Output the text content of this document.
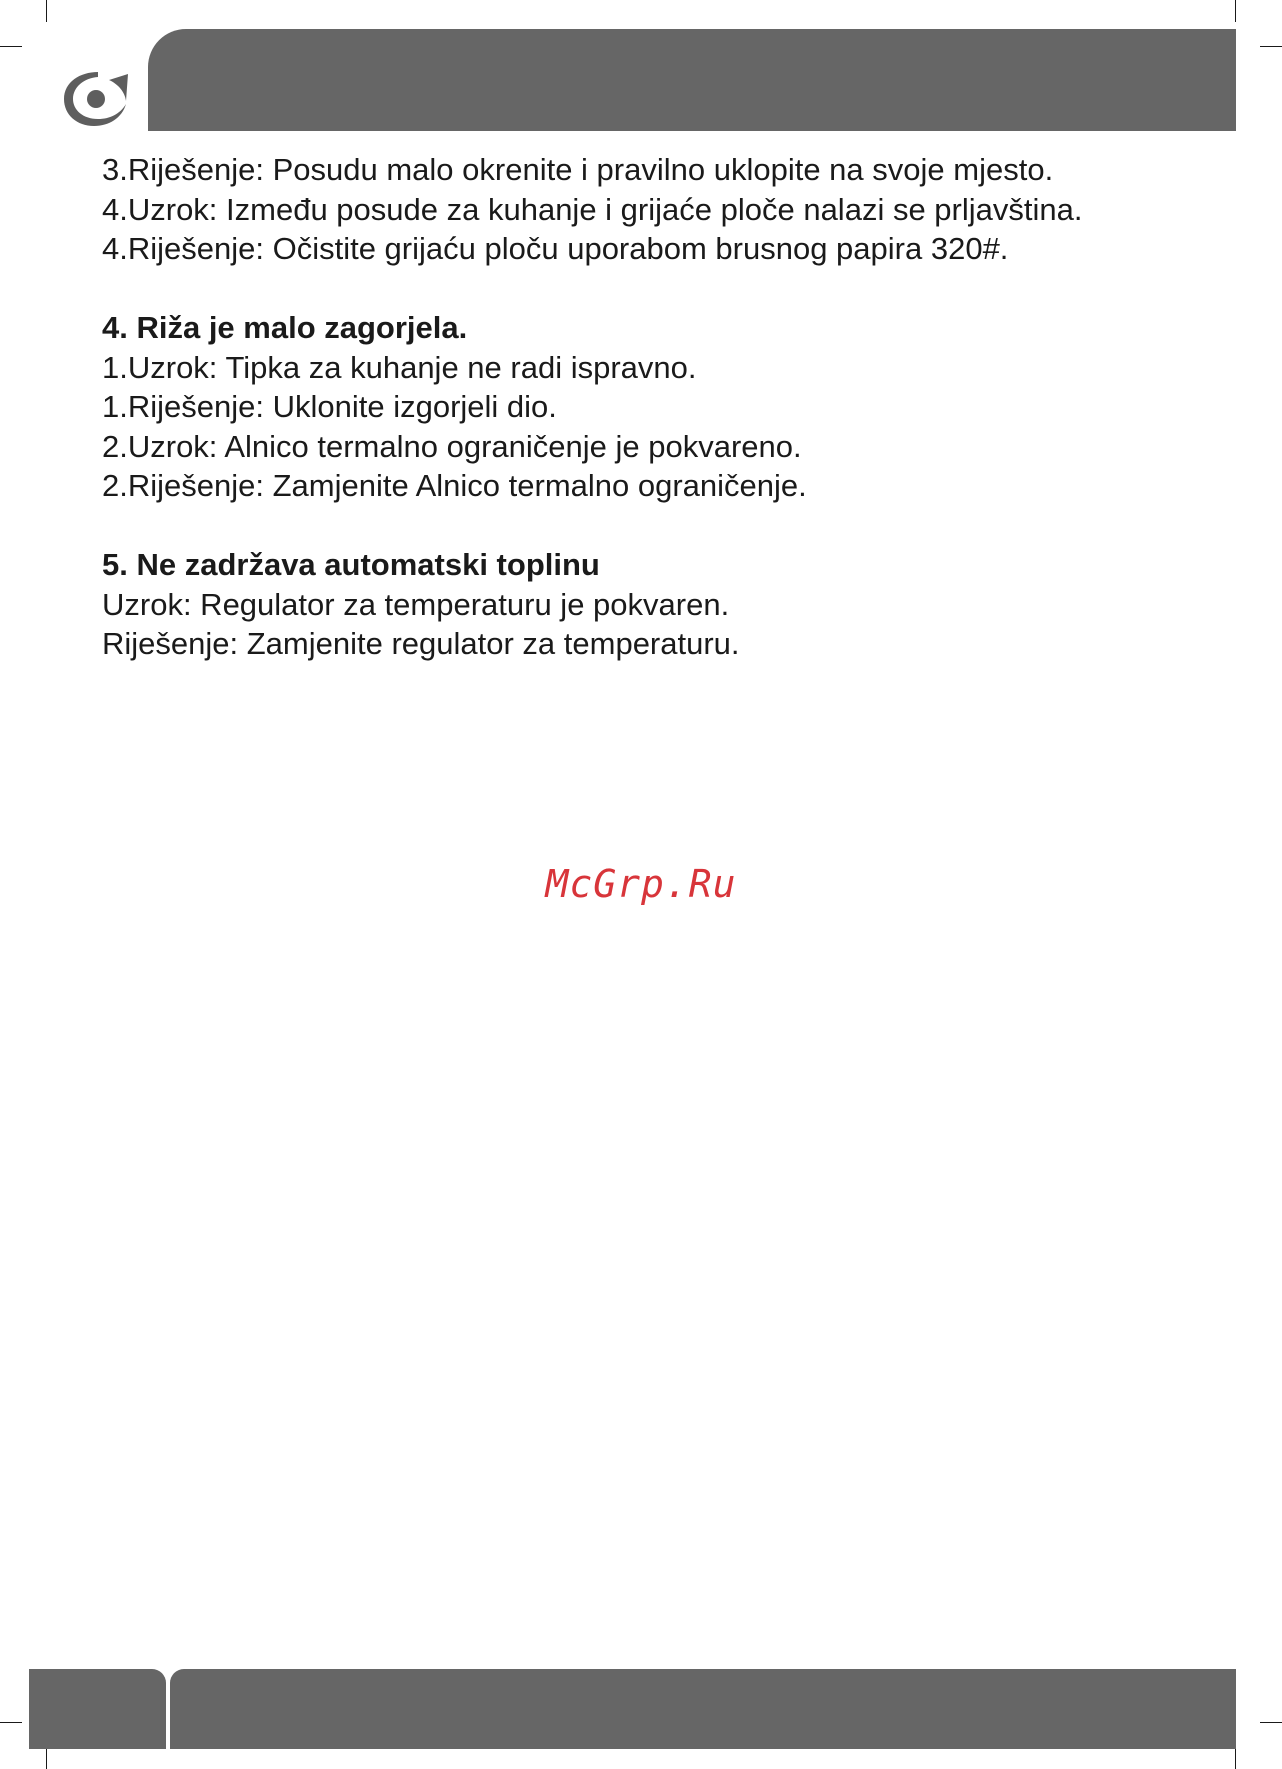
3.Riješenje: Posudu malo okrenite i pravilno uklopite na svoje mjesto.

4.Uzrok: Između posude za kuhanje i grijaće ploče nalazi se prljavština.

4.Riješenje: Očistite grijaću ploču uporabom brusnog papira 320#.

4. Riža je malo zagorjela.

1.Uzrok: Tipka za kuhanje ne radi ispravno.

1.Riješenje: Uklonite izgorjeli dio.

2.Uzrok: Alnico termalno ograničenje je pokvareno.

2.Riješenje: Zamjenite Alnico termalno ograničenje.

5. Ne zadržava automatski toplinu

Uzrok: Regulator za temperaturu je pokvaren.

Riješenje: Zamjenite regulator za temperaturu.

McGrp.Ru
